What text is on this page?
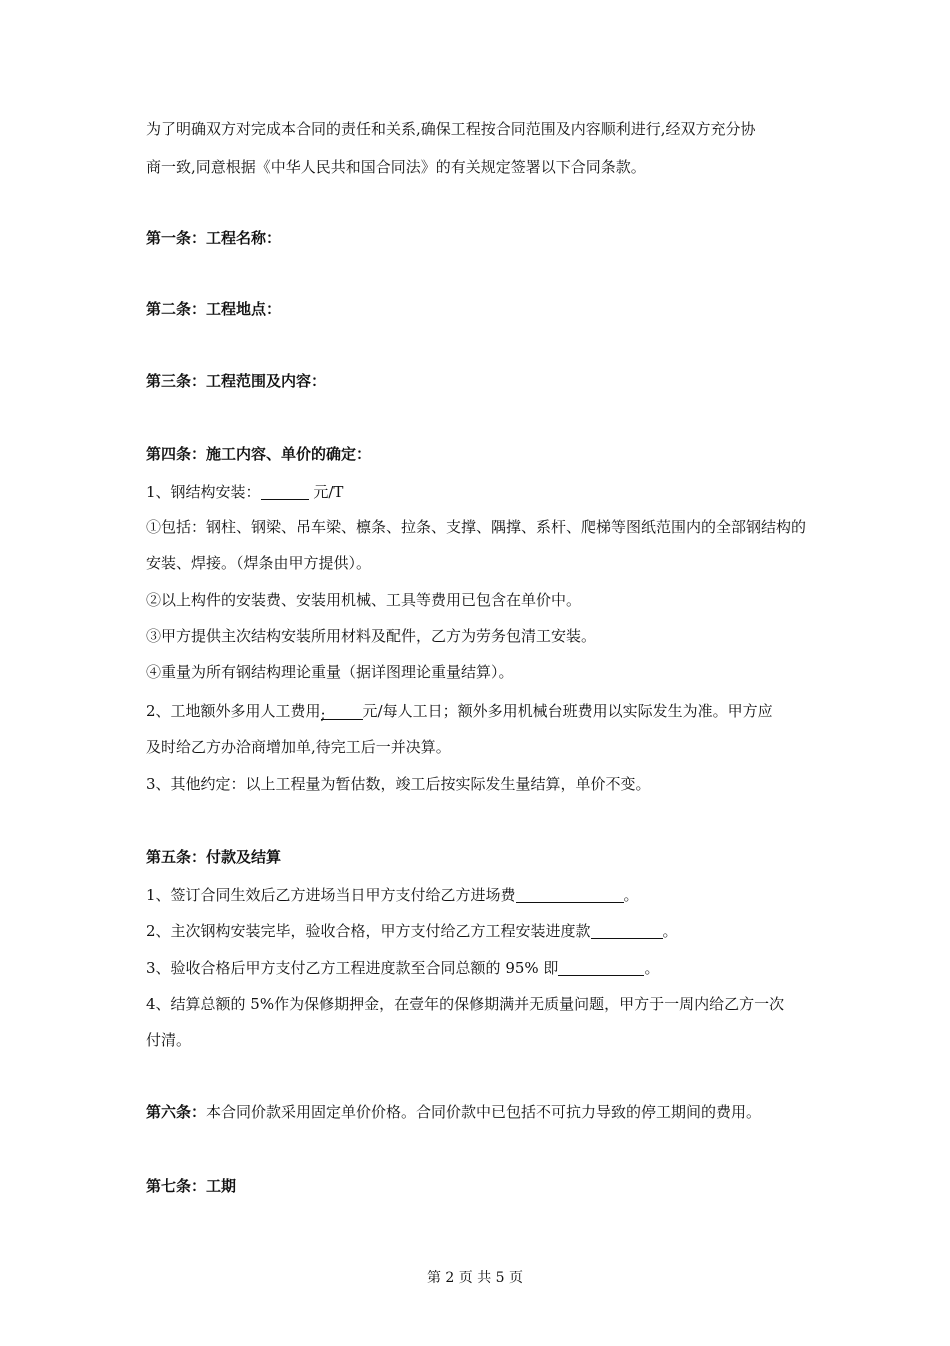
为了明确双方对完成本合同的责任和关系,确保工程按合同范围及内容顺利进行,经双方充分协
商一致,同意根据《中华人民共和国合同法》的有关规定签署以下合同条款。
第一条：工程名称：
第二条：工程地点：
第三条：工程范围及内容：
第四条：施工内容、单价的确定：
1、钢结构安装：	元/T
①包括：钢柱、钢梁、吊车梁、檩条、拉条、支撑、隅撑、系杆、爬梯等图纸范围内的全部钢结构的
安装、焊接。（焊条由甲方提供）。
②以上构件的安装费、安装用机械、工具等费用已包含在单价中。
③甲方提供主次结构安装所用材料及配件，乙方为劳务包清工安装。
④重量为所有钢结构理论重量（据详图理论重量结算）。
2、工地额外多用人工费用; 元/每人工日；额外多用机械台班费用以实际发生为准。甲方应
及时给乙方办洽商增加单,待完工后一并决算。
3、其他约定：以上工程量为暂估数，竣工后按实际发生量结算，单价不变。
第五条：付款及结算
1、签订合同生效后乙方进场当日甲方支付给乙方进场费	。
2、主次钢构安装完毕，验收合格，甲方支付给乙方工程安装进度款	。
3、验收合格后甲方支付乙方工程进度款至合同总额的 95% 即	。
4、结算总额的 5%作为保修期押金，在壹年的保修期满并无质量问题，甲方于一周内给乙方一次
付清。
第六条：本合同价款采用固定单价价格。合同价款中已包括不可抗力导致的停工期间的费用。
第七条：工期
第 2 页 共 5 页
